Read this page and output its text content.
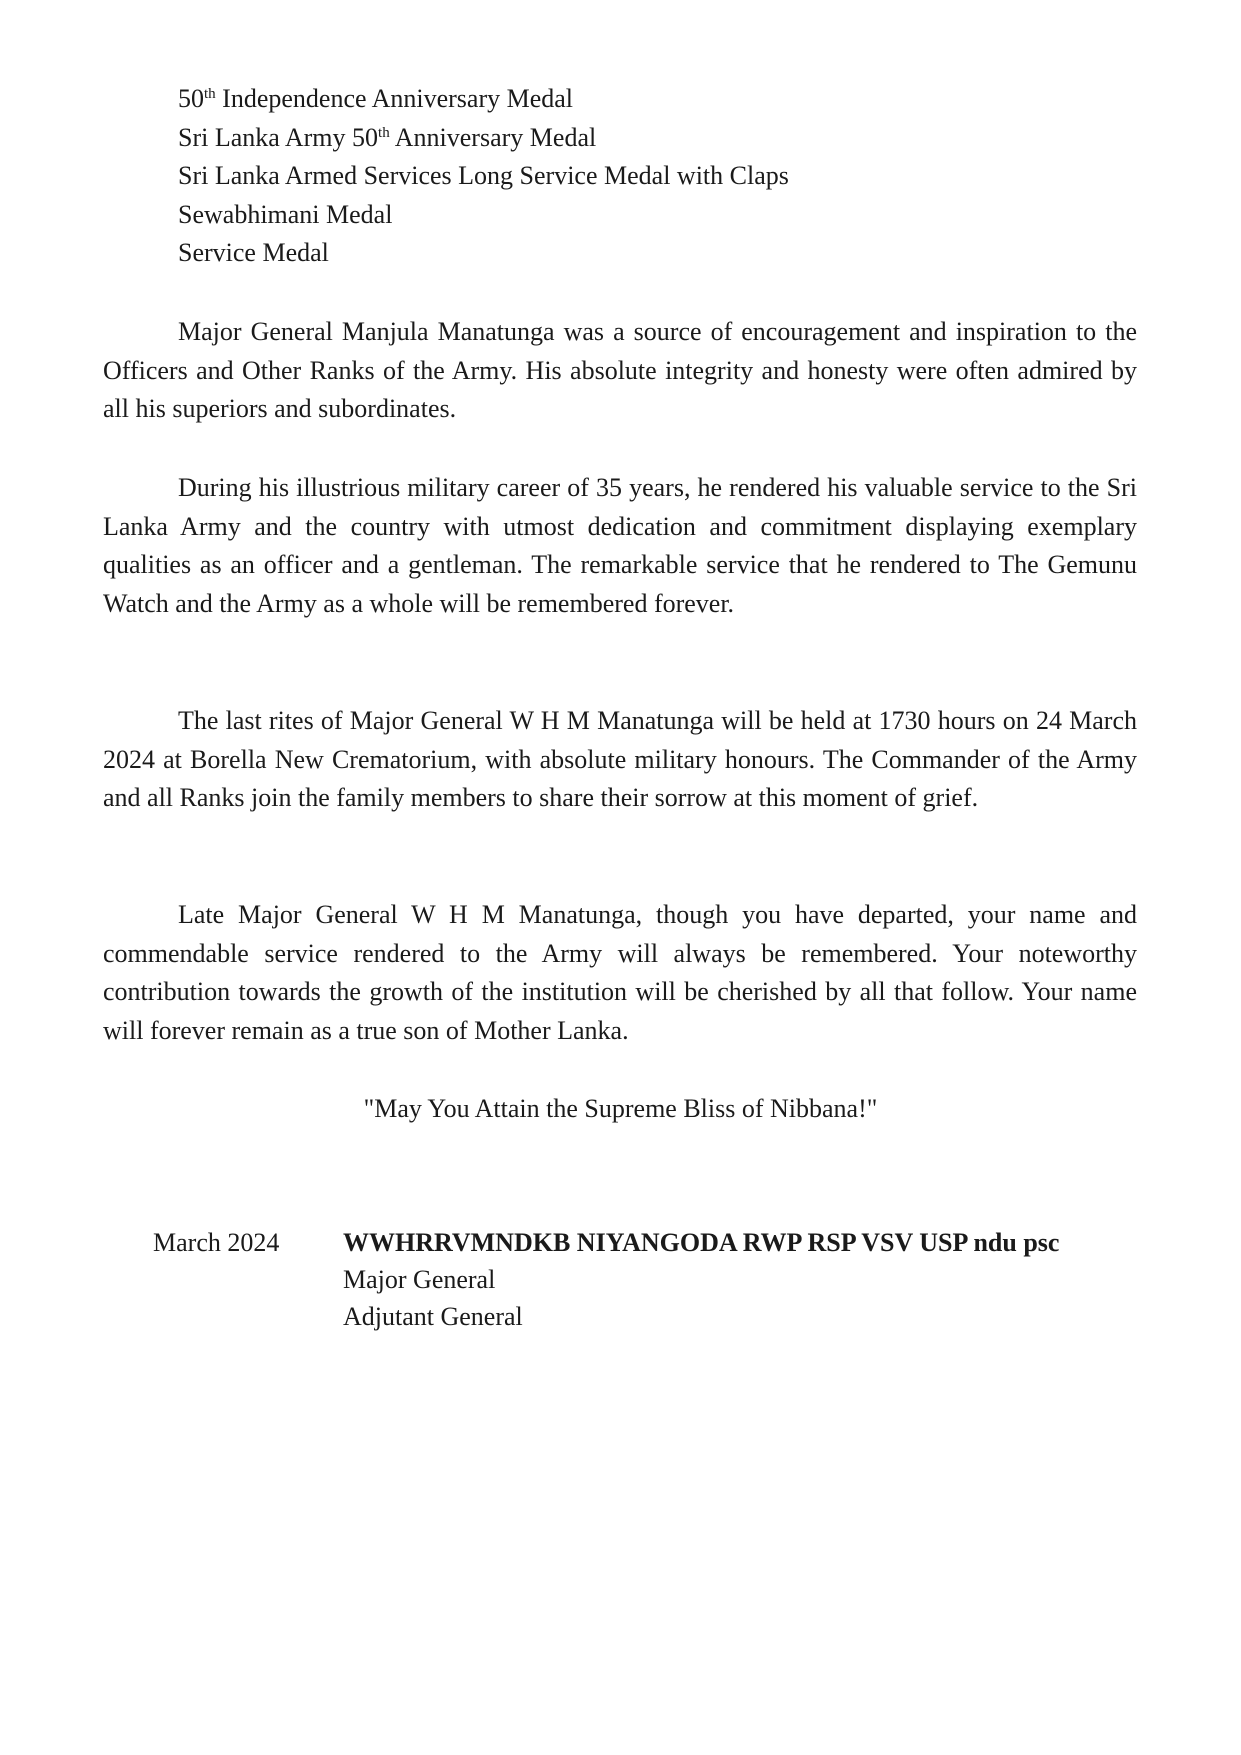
50th Independence Anniversary Medal
Sri Lanka Army 50th Anniversary Medal
Sri Lanka Armed Services Long Service Medal with Claps
Sewabhimani Medal
Service Medal

Major General Manjula Manatunga was a source of encouragement and inspiration to the Officers and Other Ranks of the Army. His absolute integrity and honesty were often admired by all his superiors and subordinates.

During his illustrious military career of 35 years, he rendered his valuable service to the Sri Lanka Army and the country with utmost dedication and commitment displaying exemplary qualities as an officer and a gentleman. The remarkable service that he rendered to The Gemunu Watch and the Army as a whole will be remembered forever.

The last rites of Major General W H M Manatunga will be held at 1730 hours on 24 March 2024 at Borella New Crematorium, with absolute military honours. The Commander of the Army and all Ranks join the family members to share their sorrow at this moment of grief.

Late Major General W H M Manatunga, though you have departed, your name and commendable service rendered to the Army will always be remembered. Your noteworthy contribution towards the growth of the institution will be cherished by all that follow. Your name will forever remain as a true son of Mother Lanka.

"May You Attain the Supreme Bliss of Nibbana!"
March 2024 WWHRRVMNDKB NIYANGODA RWP RSP VSV USP ndu psc
Major General
Adjutant General
